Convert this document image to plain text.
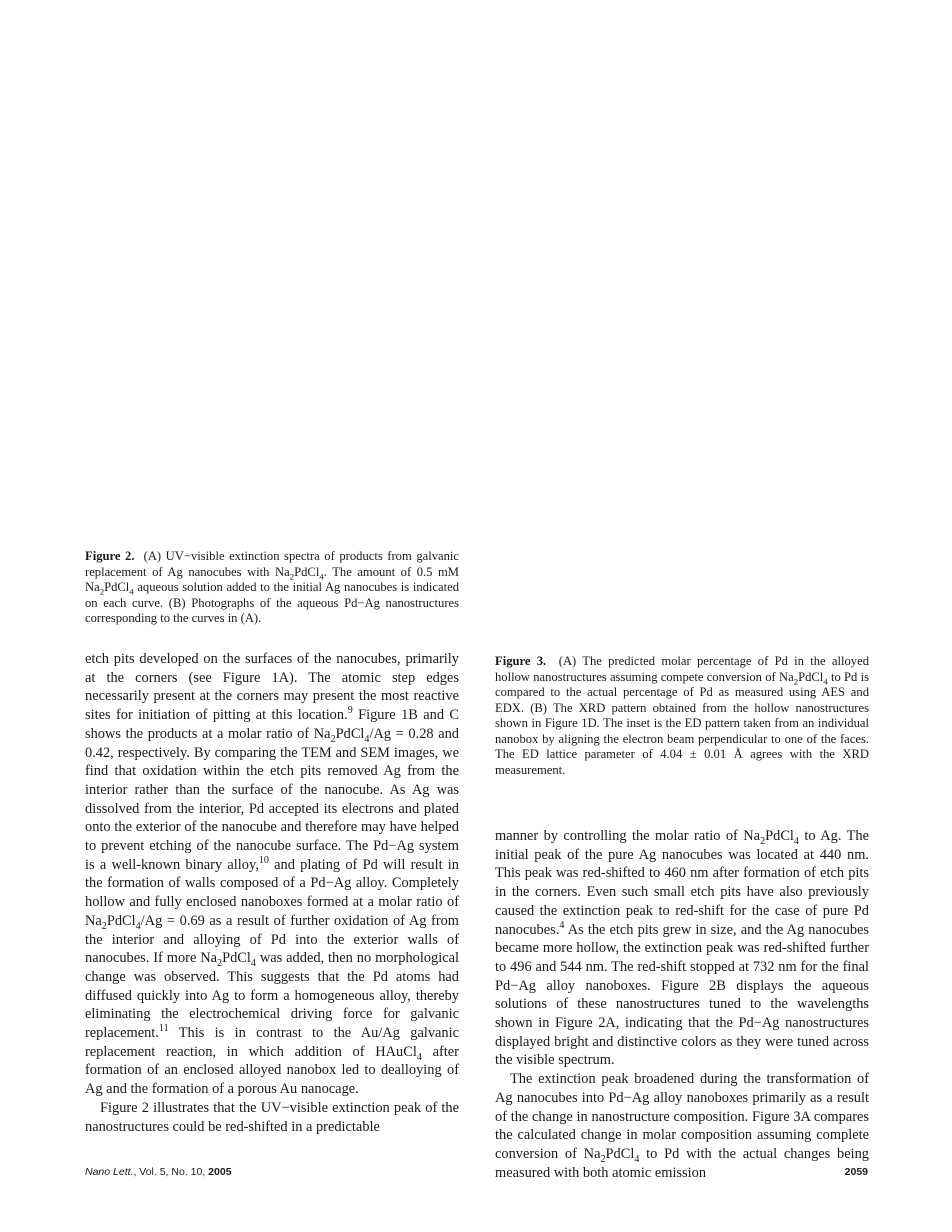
Figure 2. (A) UV−visible extinction spectra of products from galvanic replacement of Ag nanocubes with $Na_2PdCl_4$. The amount of 0.5 mM $Na_2PdCl_4$ aqueous solution added to the initial Ag nanocubes is indicated on each curve. (B) Photographs of the aqueous Pd−Ag nanostructures corresponding to the curves in (A).

etch pits developed on the surfaces of the nanocubes, primarily at the corners (see Figure 1A). The atomic step edges necessarily present at the corners may present the most reactive sites for initiation of pitting at this location.$^9$ Figure 1B and C shows the products at a molar ratio of $Na_2PdCl_4/Ag = 0.28$ and 0.42, respectively. By comparing the TEM and SEM images, we find that oxidation within the etch pits removed Ag from the interior rather than the surface of the nanocube. As Ag was dissolved from the interior, Pd accepted its electrons and plated onto the exterior of the nanocube and therefore may have helped to prevent etching of the nanocube surface. The Pd−Ag system is a well-known binary alloy,$^{10}$ and plating of Pd will result in the formation of walls composed of a Pd−Ag alloy. Completely hollow and fully enclosed nanoboxes formed at a molar ratio of $Na_2PdCl_4/Ag = 0.69$ as a result of further oxidation of Ag from the interior and alloying of Pd into the exterior walls of nanocubes. If more $Na_2PdCl_4$ was added, then no morphological change was observed. This suggests that the Pd atoms had diffused quickly into Ag to form a homogeneous alloy, thereby eliminating the electrochemical driving force for galvanic replacement.$^{11}$ This is in contrast to the Au/Ag galvanic replacement reaction, in which addition of HAuCl$_4$ after formation of an enclosed alloyed nanobox led to dealloying of Ag and the formation of a porous Au nanocage.

Figure 2 illustrates that the UV−visible extinction peak of the nanostructures could be red-shifted in a predictable

Figure 3. (A) The predicted molar percentage of Pd in the alloyed hollow nanostructures assuming compete conversion of $Na_2PdCl_4$ to Pd is compared to the actual percentage of Pd as measured using AES and EDX. (B) The XRD pattern obtained from the hollow nanostructures shown in Figure 1D. The inset is the ED pattern taken from an individual nanobox by aligning the electron beam perpendicular to one of the faces. The ED lattice parameter of 4.04 ± 0.01 Å agrees with the XRD measurement.

manner by controlling the molar ratio of $Na_2PdCl_4$ to Ag. The initial peak of the pure Ag nanocubes was located at 440 nm. This peak was red-shifted to 460 nm after formation of etch pits in the corners. Even such small etch pits have also previously caused the extinction peak to red-shift for the case of pure Pd nanocubes.$^4$ As the etch pits grew in size, and the Ag nanocubes became more hollow, the extinction peak was red-shifted further to 496 and 544 nm. The red-shift stopped at 732 nm for the final Pd−Ag alloy nanoboxes. Figure 2B displays the aqueous solutions of these nanostructures tuned to the wavelengths shown in Figure 2A, indicating that the Pd−Ag nanostructures displayed bright and distinctive colors as they were tuned across the visible spectrum.

The extinction peak broadened during the transformation of Ag nanocubes into Pd−Ag alloy nanoboxes primarily as a result of the change in nanostructure composition. Figure 3A compares the calculated change in molar composition assuming complete conversion of $Na_2PdCl_4$ to Pd with the actual changes being measured with both atomic emission

Nano Lett., Vol. 5, No. 10, 2005	2059
